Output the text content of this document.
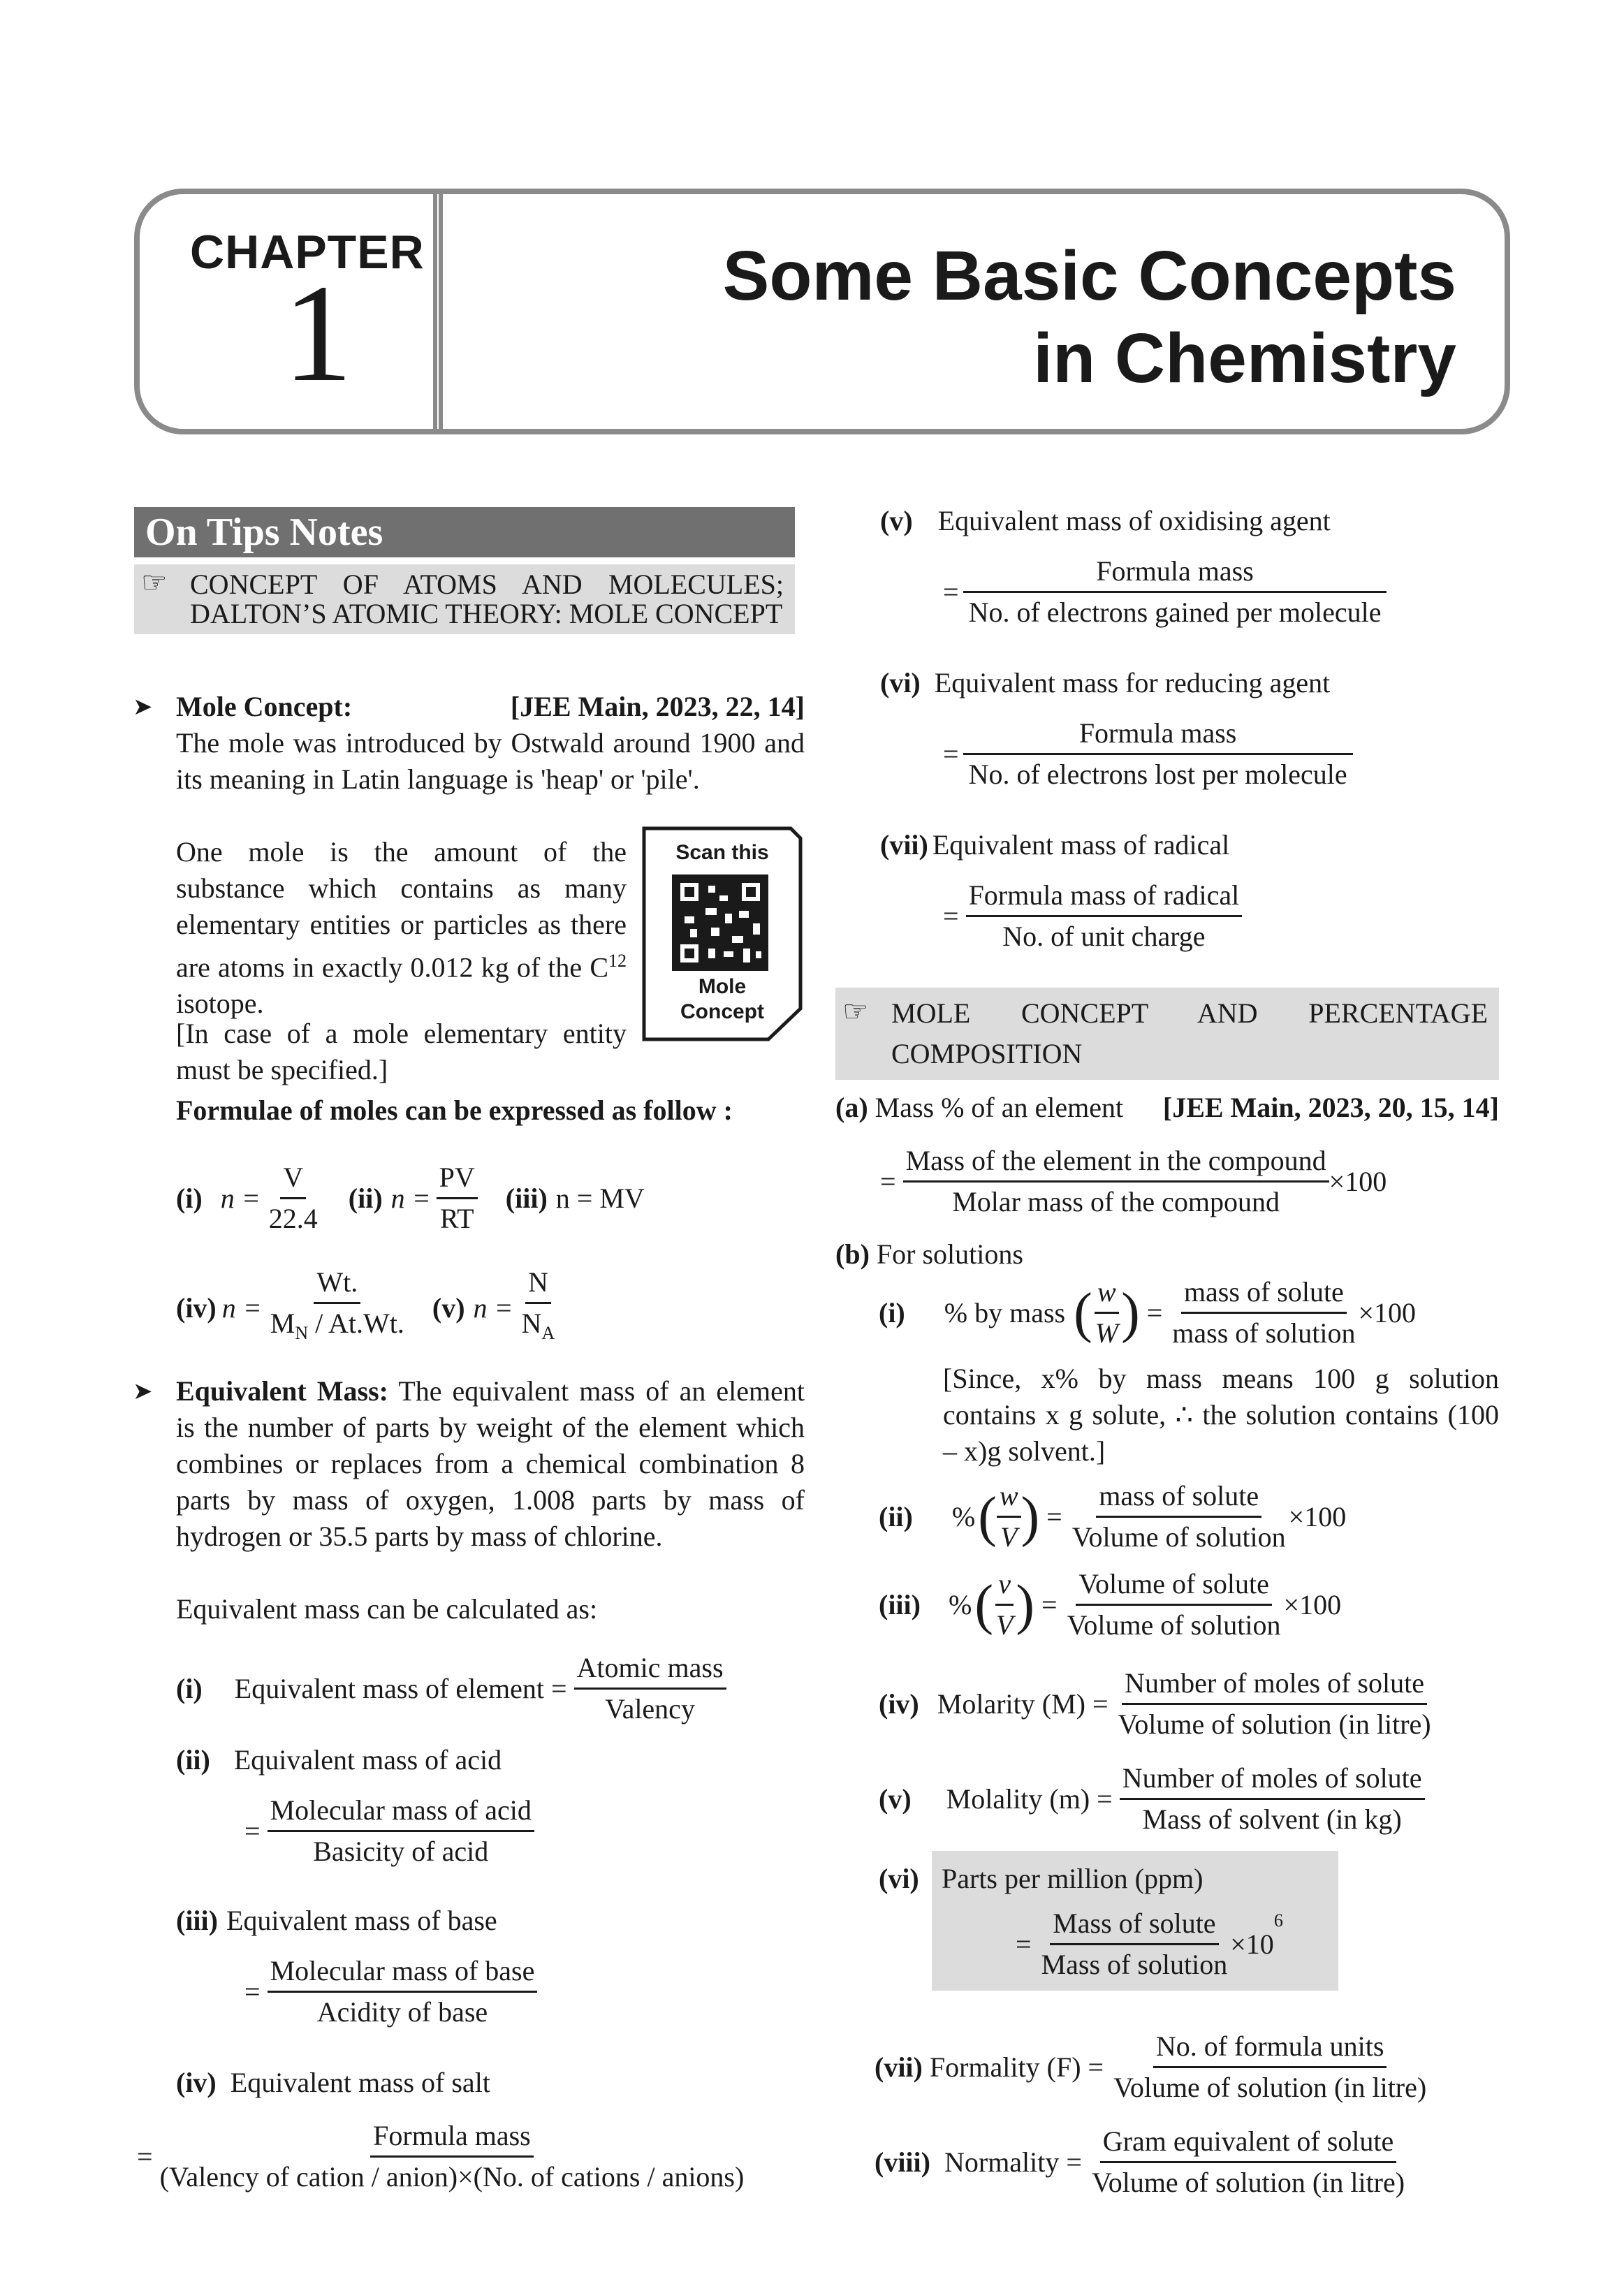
CHAPTER
1	Some Basic Concepts
in Chemistry
On Tips Notes
☞ CONCEPT OF ATOMS AND MOLECULES; DALTON’S ATOMIC THEORY: MOLE CONCEPT
➤ Mole Concept:	[JEE Main, 2023, 22, 14]
The mole was introduced by Ostwald around 1900 and its meaning in Latin language is 'heap' or 'pile'.
One mole is the amount of the substance which contains as many elementary entities or particles as there are atoms in exactly 0.012 kg of the $C^{12}$ isotope.
[In case of a mole elementary entity must be specified.]
Scan this
Mole
Concept
Formulae of moles can be expressed as follow :
(i) $n = \frac{V}{22.4} (ii) n = \frac{PV}{RT} (iii) n$ = MV
(iv) $n = \frac{Wt.}{M_N / At.Wt.} (v) n = \frac{N}{N_A}$
➤ Equivalent Mass: The equivalent mass of an element is the number of parts by weight of the element which combines or replaces from a chemical combination 8 parts by mass of oxygen, 1.008 parts by mass of hydrogen or 35.5 parts by mass of chlorine.
Equivalent mass can be calculated as:
(i) Equivalent mass of element = $\frac{\text{Atomic mass}}{\text{Valency}}$
(ii) Equivalent mass of acid
= $\frac{\text{Molecular mass of acid}}{\text{Basicity of acid}}$
(iii) Equivalent mass of base
= $\frac{\text{Molecular mass of base}}{\text{Acidity of base}}$
(iv) Equivalent mass of salt
= $\frac{\text{Formula mass}}{\text{(Valency of cation / anion)×(No. of cations / anions)}}$
(v) Equivalent mass of oxidising agent
= $\frac{\text{Formula mass}}{\text{No. of electrons gained per molecule}}$
(vi) Equivalent mass for reducing agent
= $\frac{\text{Formula mass}}{\text{No. of electrons lost per molecule}}$
(vii) Equivalent mass of radical
= $\frac{\text{Formula mass of radical}}{\text{No. of unit charge}}$
☞ MOLE CONCEPT AND PERCENTAGE COMPOSITION
(a) Mass % of an element [JEE Main, 2023, 20, 15, 14]
= $\frac{\text{Mass of the element in the compound}}{\text{Molar mass of the compound}} \times 100$
(b) For solutions
(i) % by mass ( $\frac{w}{W}$ ) = $\frac{\text{mass of solute}}{\text{mass of solution}} \times 100$
[Since, x% by mass means 100 g solution contains x g solute, ∴ the solution contains (100 – x)g solvent.]
(ii) % ( $\frac{w}{V}$ ) = $\frac{\text{mass of solute}}{\text{Volume of solution}} \times 100$
(iii) % ( $\frac{v}{V}$ ) = $\frac{\text{Volume of solute}}{\text{Volume of solution}} \times 100$
(iv) Molarity $(M) = \frac{\text{Number of moles of solute}}{\text{Volume of solution (in litre)}}$
(v) Molality $(m) = \frac{\text{Number of moles of solute}}{\text{Mass of solvent (in kg)}}$
(vi) Parts per million (ppm)
= $\frac{\text{Mass of solute}}{\text{Mass of solution}} \times 10$
$^6$
(vii) Formality $(F) = \frac{\text{No. of formula units}}{\text{Volume of solution (in litre)}}$
(viii) Normality = $\frac{\text{Gram equivalent of solute}}{\text{Volume of solution (in litre)}}$
